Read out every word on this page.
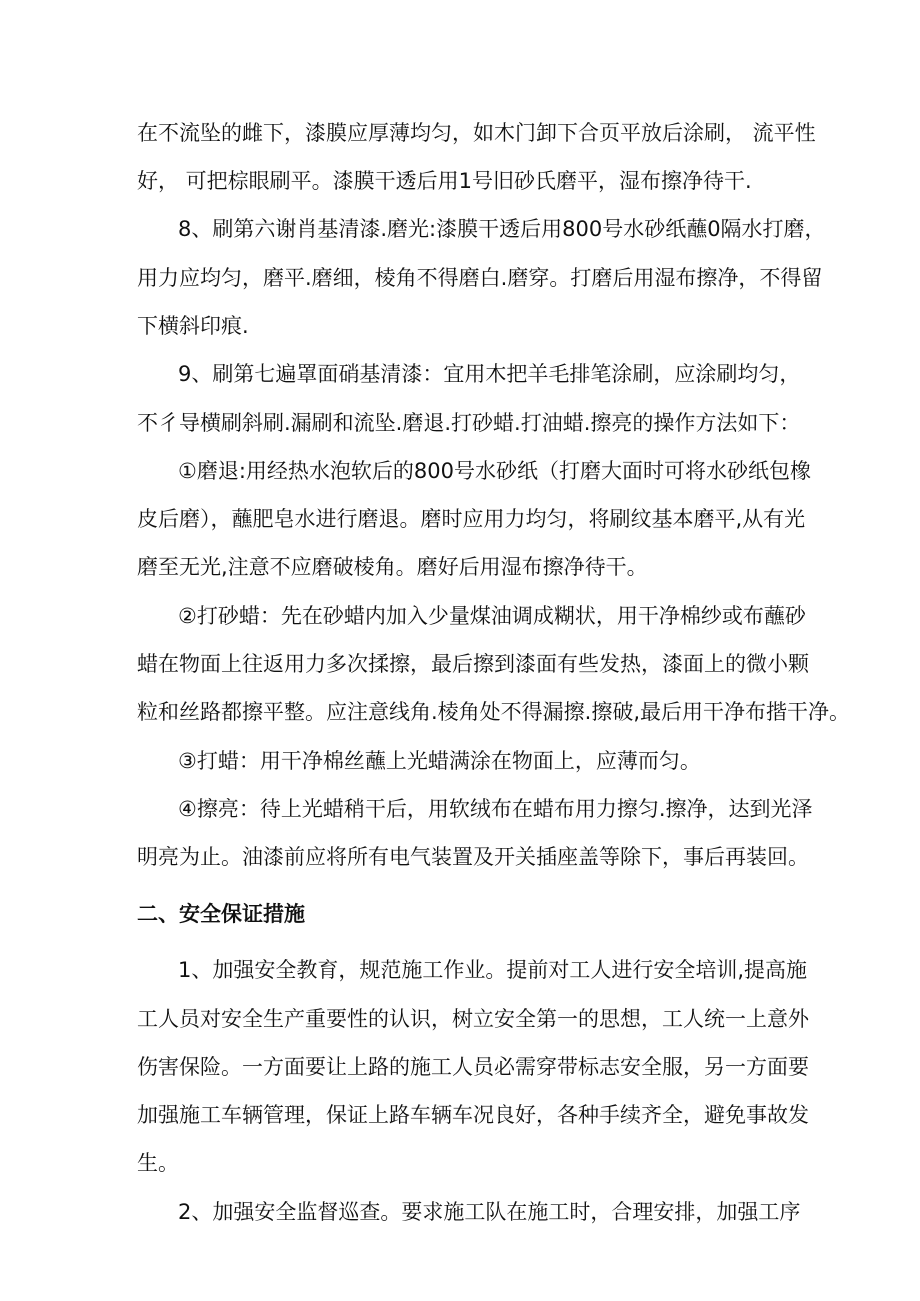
在不流坠的雌下，漆膜应厚薄均匀，如木门卸下合页平放后涂刷， 流平性
好， 可把棕眼刷平。漆膜干透后用1号旧砂氏磨平，湿布擦净待干.
8、刷第六谢肖基清漆.磨光:漆膜干透后用800号水砂纸蘸0隔水打磨，
用力应均匀，磨平.磨细，棱角不得磨白.磨穿。打磨后用湿布擦净，不得留
下横斜印痕.
9、刷第七遍罩面硝基清漆：宜用木把羊毛排笔涂刷，应涂刷均匀，
不彳导横刷斜刷.漏刷和流坠.磨退.打砂蜡.打油蜡.擦亮的操作方法如下：
①磨退:用经热水泡软后的800号水砂纸（打磨大面时可将水砂纸包橡
皮后磨），蘸肥皂水进行磨退。磨时应用力均匀，将刷纹基本磨平,从有光
磨至无光,注意不应磨破棱角。磨好后用湿布擦净待干。
②打砂蜡：先在砂蜡内加入少量煤油调成糊状，用干净棉纱或布蘸砂
蜡在物面上往返用力多次揉擦，最后擦到漆面有些发热，漆面上的微小颗
粒和丝路都擦平整。应注意线角.棱角处不得漏擦.擦破,最后用干净布揩干净。
③打蜡：用干净棉丝蘸上光蜡满涂在物面上，应薄而匀。
④擦亮：待上光蜡稍干后，用软绒布在蜡布用力擦匀.擦净，达到光泽
明亮为止。油漆前应将所有电气装置及开关插座盖等除下，事后再装回。
二、安全保证措施
1、加强安全教育，规范施工作业。提前对工人进行安全培训,提高施
工人员对安全生产重要性的认识，树立安全第一的思想，工人统一上意外
伤害保险。一方面要让上路的施工人员必需穿带标志安全服，另一方面要
加强施工车辆管理，保证上路车辆车况良好，各种手续齐全，避免事故发
生。
2、加强安全监督巡查。要求施工队在施工时，合理安排，加强工序
